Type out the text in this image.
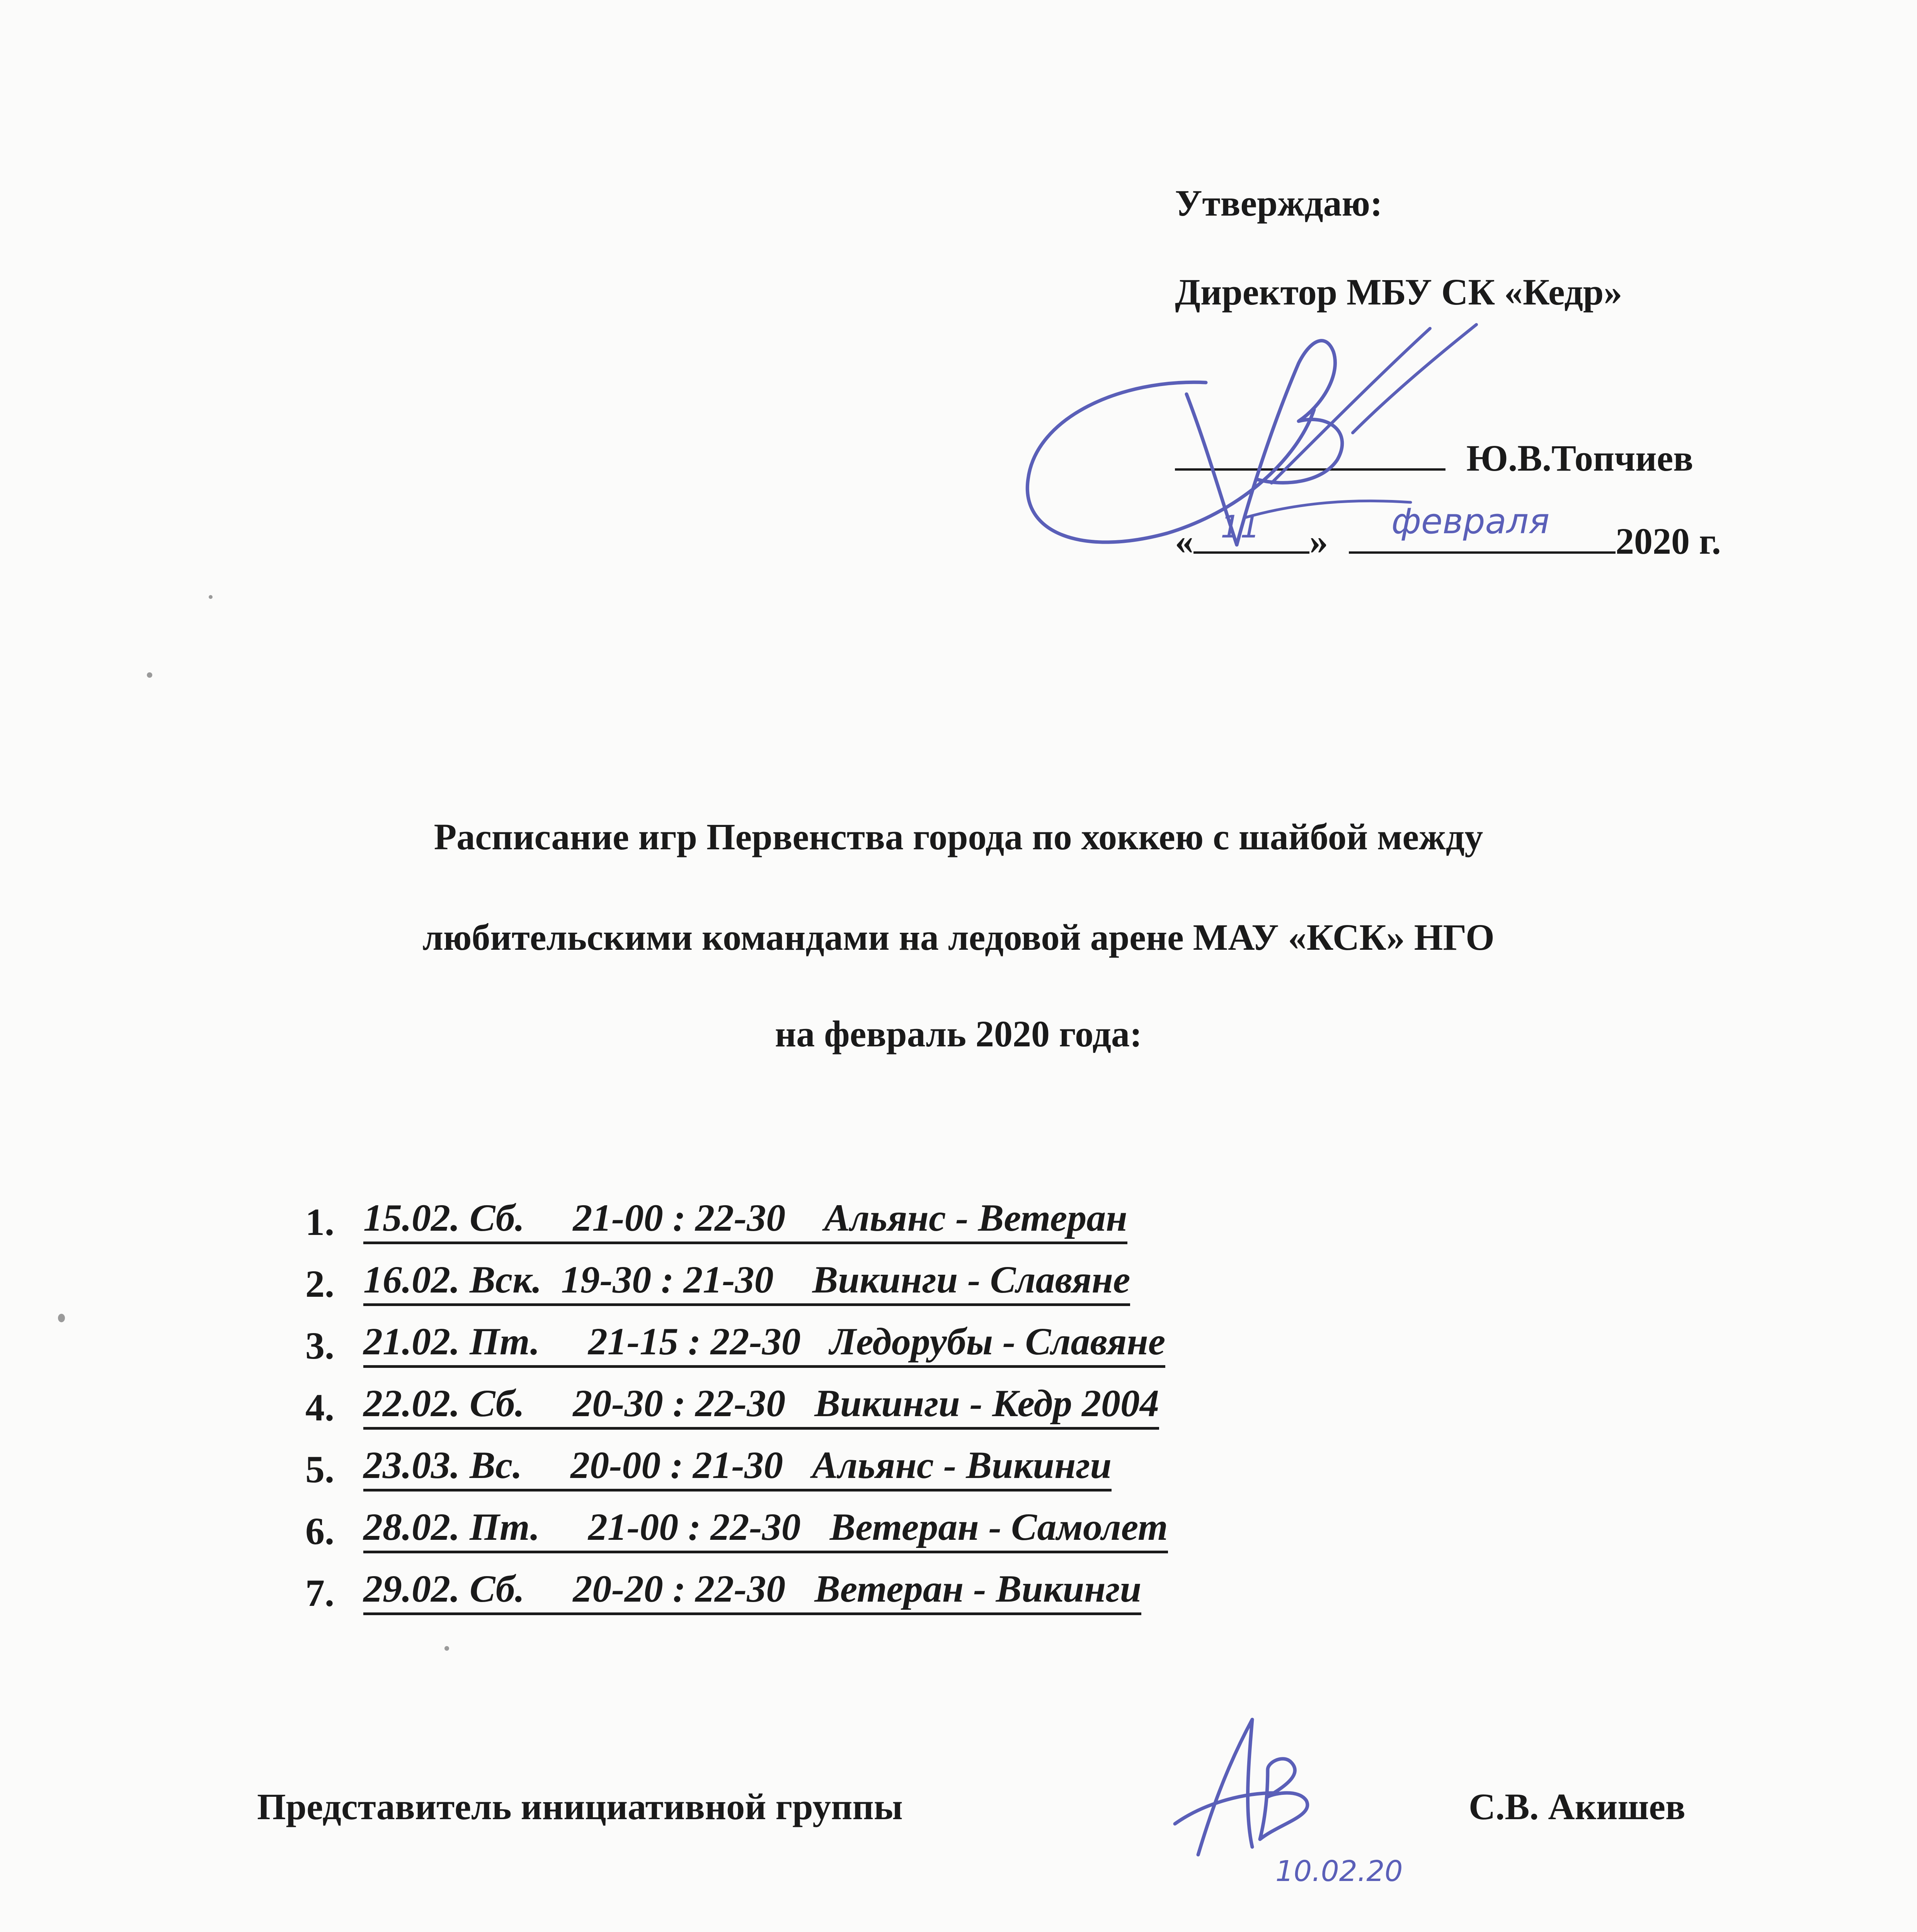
Утверждаю:
Директор МБУ СК «Кедр»
Ю.В.Топчиев
« 11 » февраля 2020 г.
Расписание игр Первенства города по хоккею с шайбой между
любительскими командами на ледовой арене МАУ «КСК» НГО
на февраль 2020 года:
1. 15.02. Сб.     21-00 : 22-30    Альянс - Ветеран
2. 16.02. Вск.  19-30 : 21-30    Викинги - Славяне
3. 21.02. Пт.     21-15 : 22-30   Ледорубы - Славяне
4. 22.02. Сб.     20-30 : 22-30   Викинги - Кедр 2004
5. 23.03. Вс.     20-00 : 21-30   Альянс - Викинги
6. 28.02. Пт.     21-00 : 22-30   Ветеран - Самолет
7. 29.02. Сб.     20-20 : 22-30   Ветеран - Викинги
Представитель инициативной группы	С.В. Акишев
10.02.20
